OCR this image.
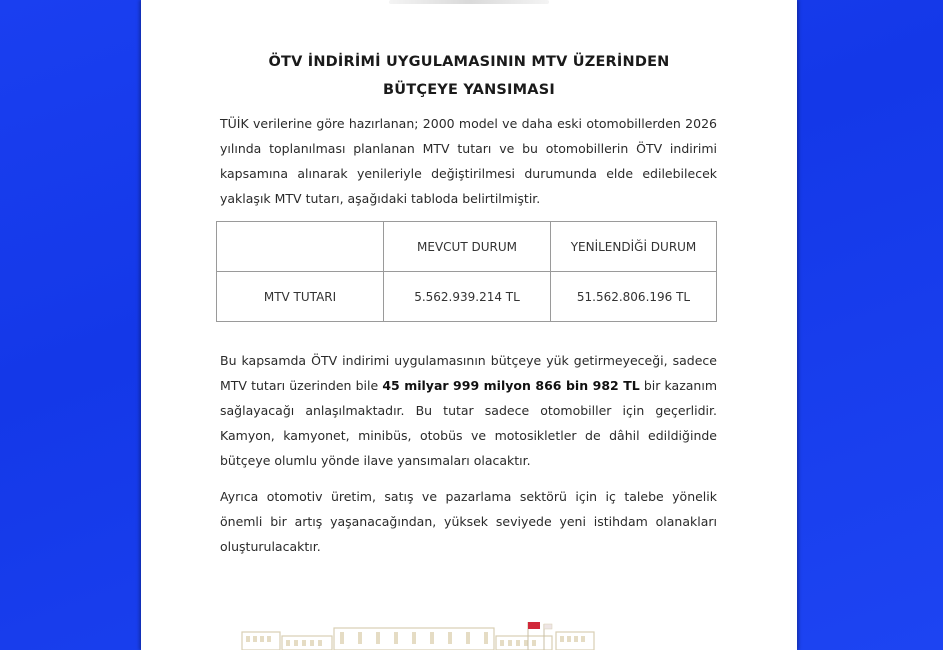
ÖTV İNDİRİMİ UYGULAMASININ MTV ÜZERİNDEN
BÜTÇEYE YANSIMASI
TÜİK verilerine göre hazırlanan; 2000 model ve daha eski otomobillerden 2026 yılında toplanılması planlanan MTV tutarı ve bu otomobillerin ÖTV indirimi kapsamına alınarak yenileriyle değiştirilmesi durumunda elde edilebilecek yaklaşık MTV tutarı, aşağıdaki tabloda belirtilmiştir.
	MEVCUT DURUM	YENİLENDİĞİ DURUM
MTV TUTARI	5.562.939.214 TL	51.562.806.196 TL
Bu kapsamda ÖTV indirimi uygulamasının bütçeye yük getirmeyeceği, sadece MTV tutarı üzerinden bile 45 milyar 999 milyon 866 bin 982 TL bir kazanım sağlayacağı anlaşılmaktadır. Bu tutar sadece otomobiller için geçerlidir. Kamyon, kamyonet, minibüs, otobüs ve motosikletler de dâhil edildiğinde bütçeye olumlu yönde ilave yansımaları olacaktır.
Ayrıca otomotiv üretim, satış ve pazarlama sektörü için iç talebe yönelik önemli bir artış yaşanacağından, yüksek seviyede yeni istihdam olanakları oluşturulacaktır.
